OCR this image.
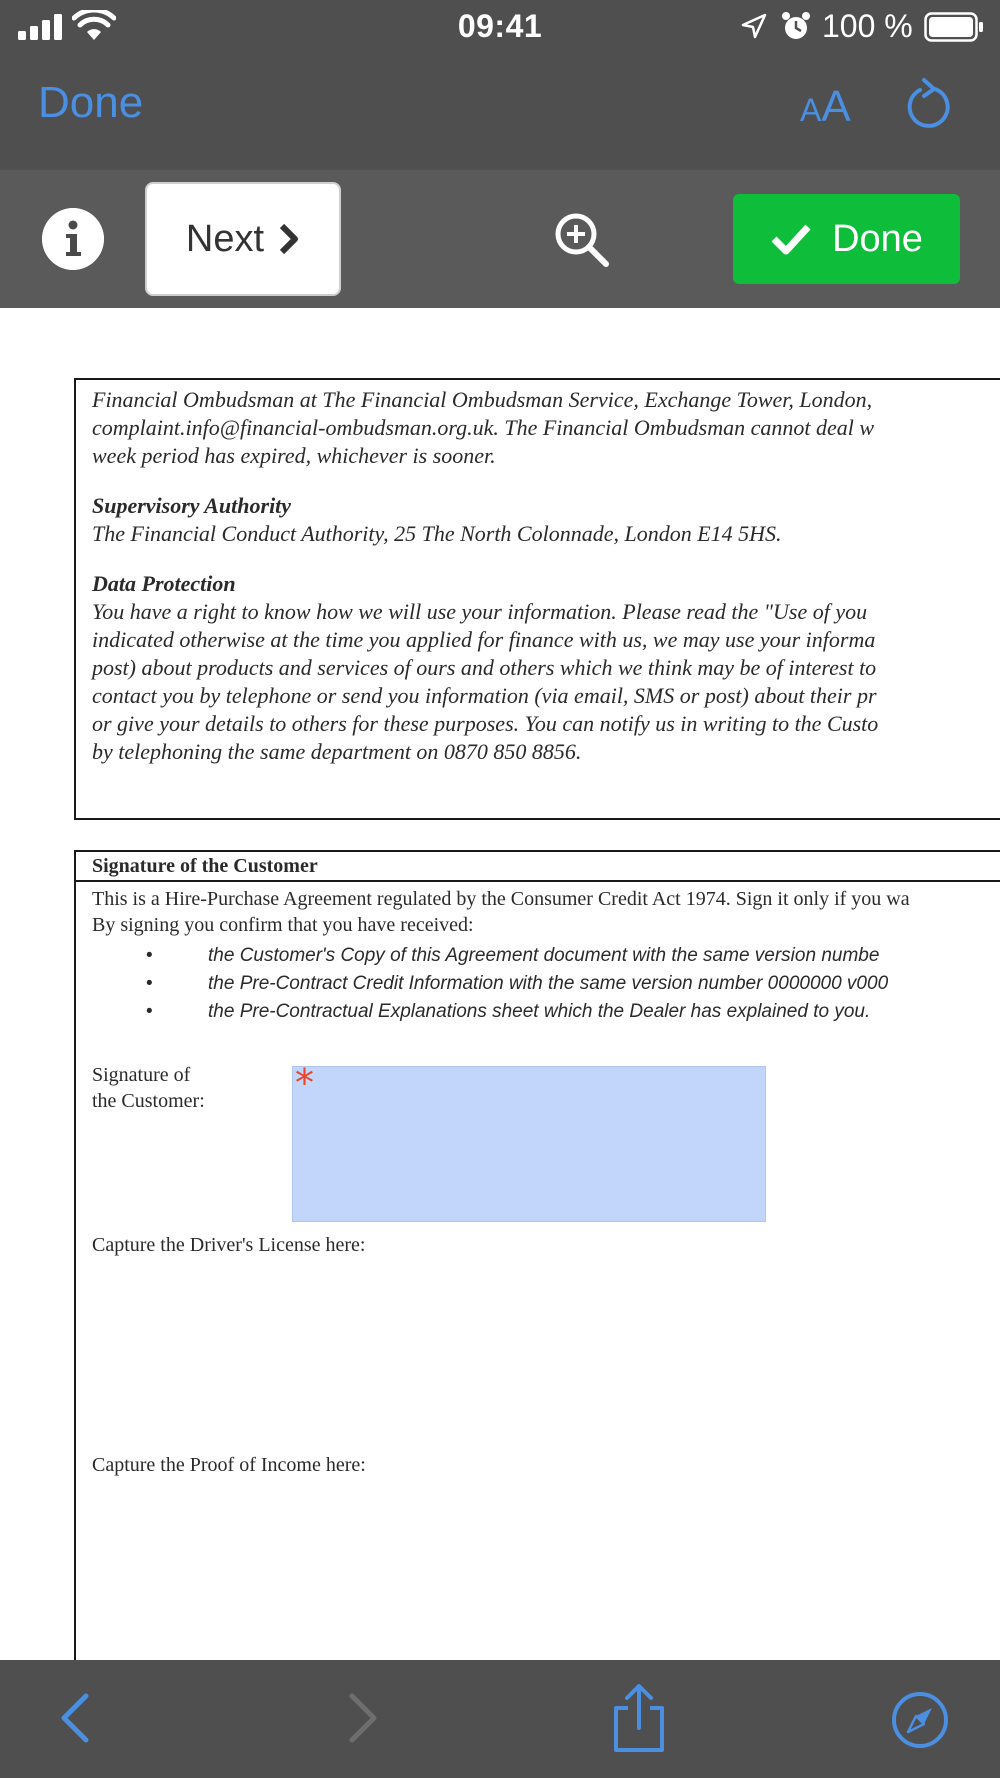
09:41	100 %
Done	AA
Next	Done
Financial Ombudsman at The Financial Ombudsman Service, Exchange Tower, London,
complaint.info@financial-ombudsman.org.uk. The Financial Ombudsman cannot deal w
week period has expired, whichever is sooner.
Supervisory Authority
The Financial Conduct Authority, 25 The North Colonnade, London E14 5HS.
Data Protection
You have a right to know how we will use your information. Please read the "Use of you
indicated otherwise at the time you applied for finance with us, we may use your informa
post) about products and services of ours and others which we think may be of interest to
contact you by telephone or send you information (via email, SMS or post) about their pr
or give your details to others for these purposes. You can notify us in writing to the Custo
by telephoning the same department on 0870 850 8856.
Signature of the Customer
This is a Hire-Purchase Agreement regulated by the Consumer Credit Act 1974. Sign it only if you wa
By signing you confirm that you have received:
• the Customer's Copy of this Agreement document with the same version numbe
• the Pre-Contract Credit Information with the same version number 0000000 v000
• the Pre-Contractual Explanations sheet which the Dealer has explained to you.
Signature of
the Customer: *
Capture the Driver's License here:
Capture the Proof of Income here:
